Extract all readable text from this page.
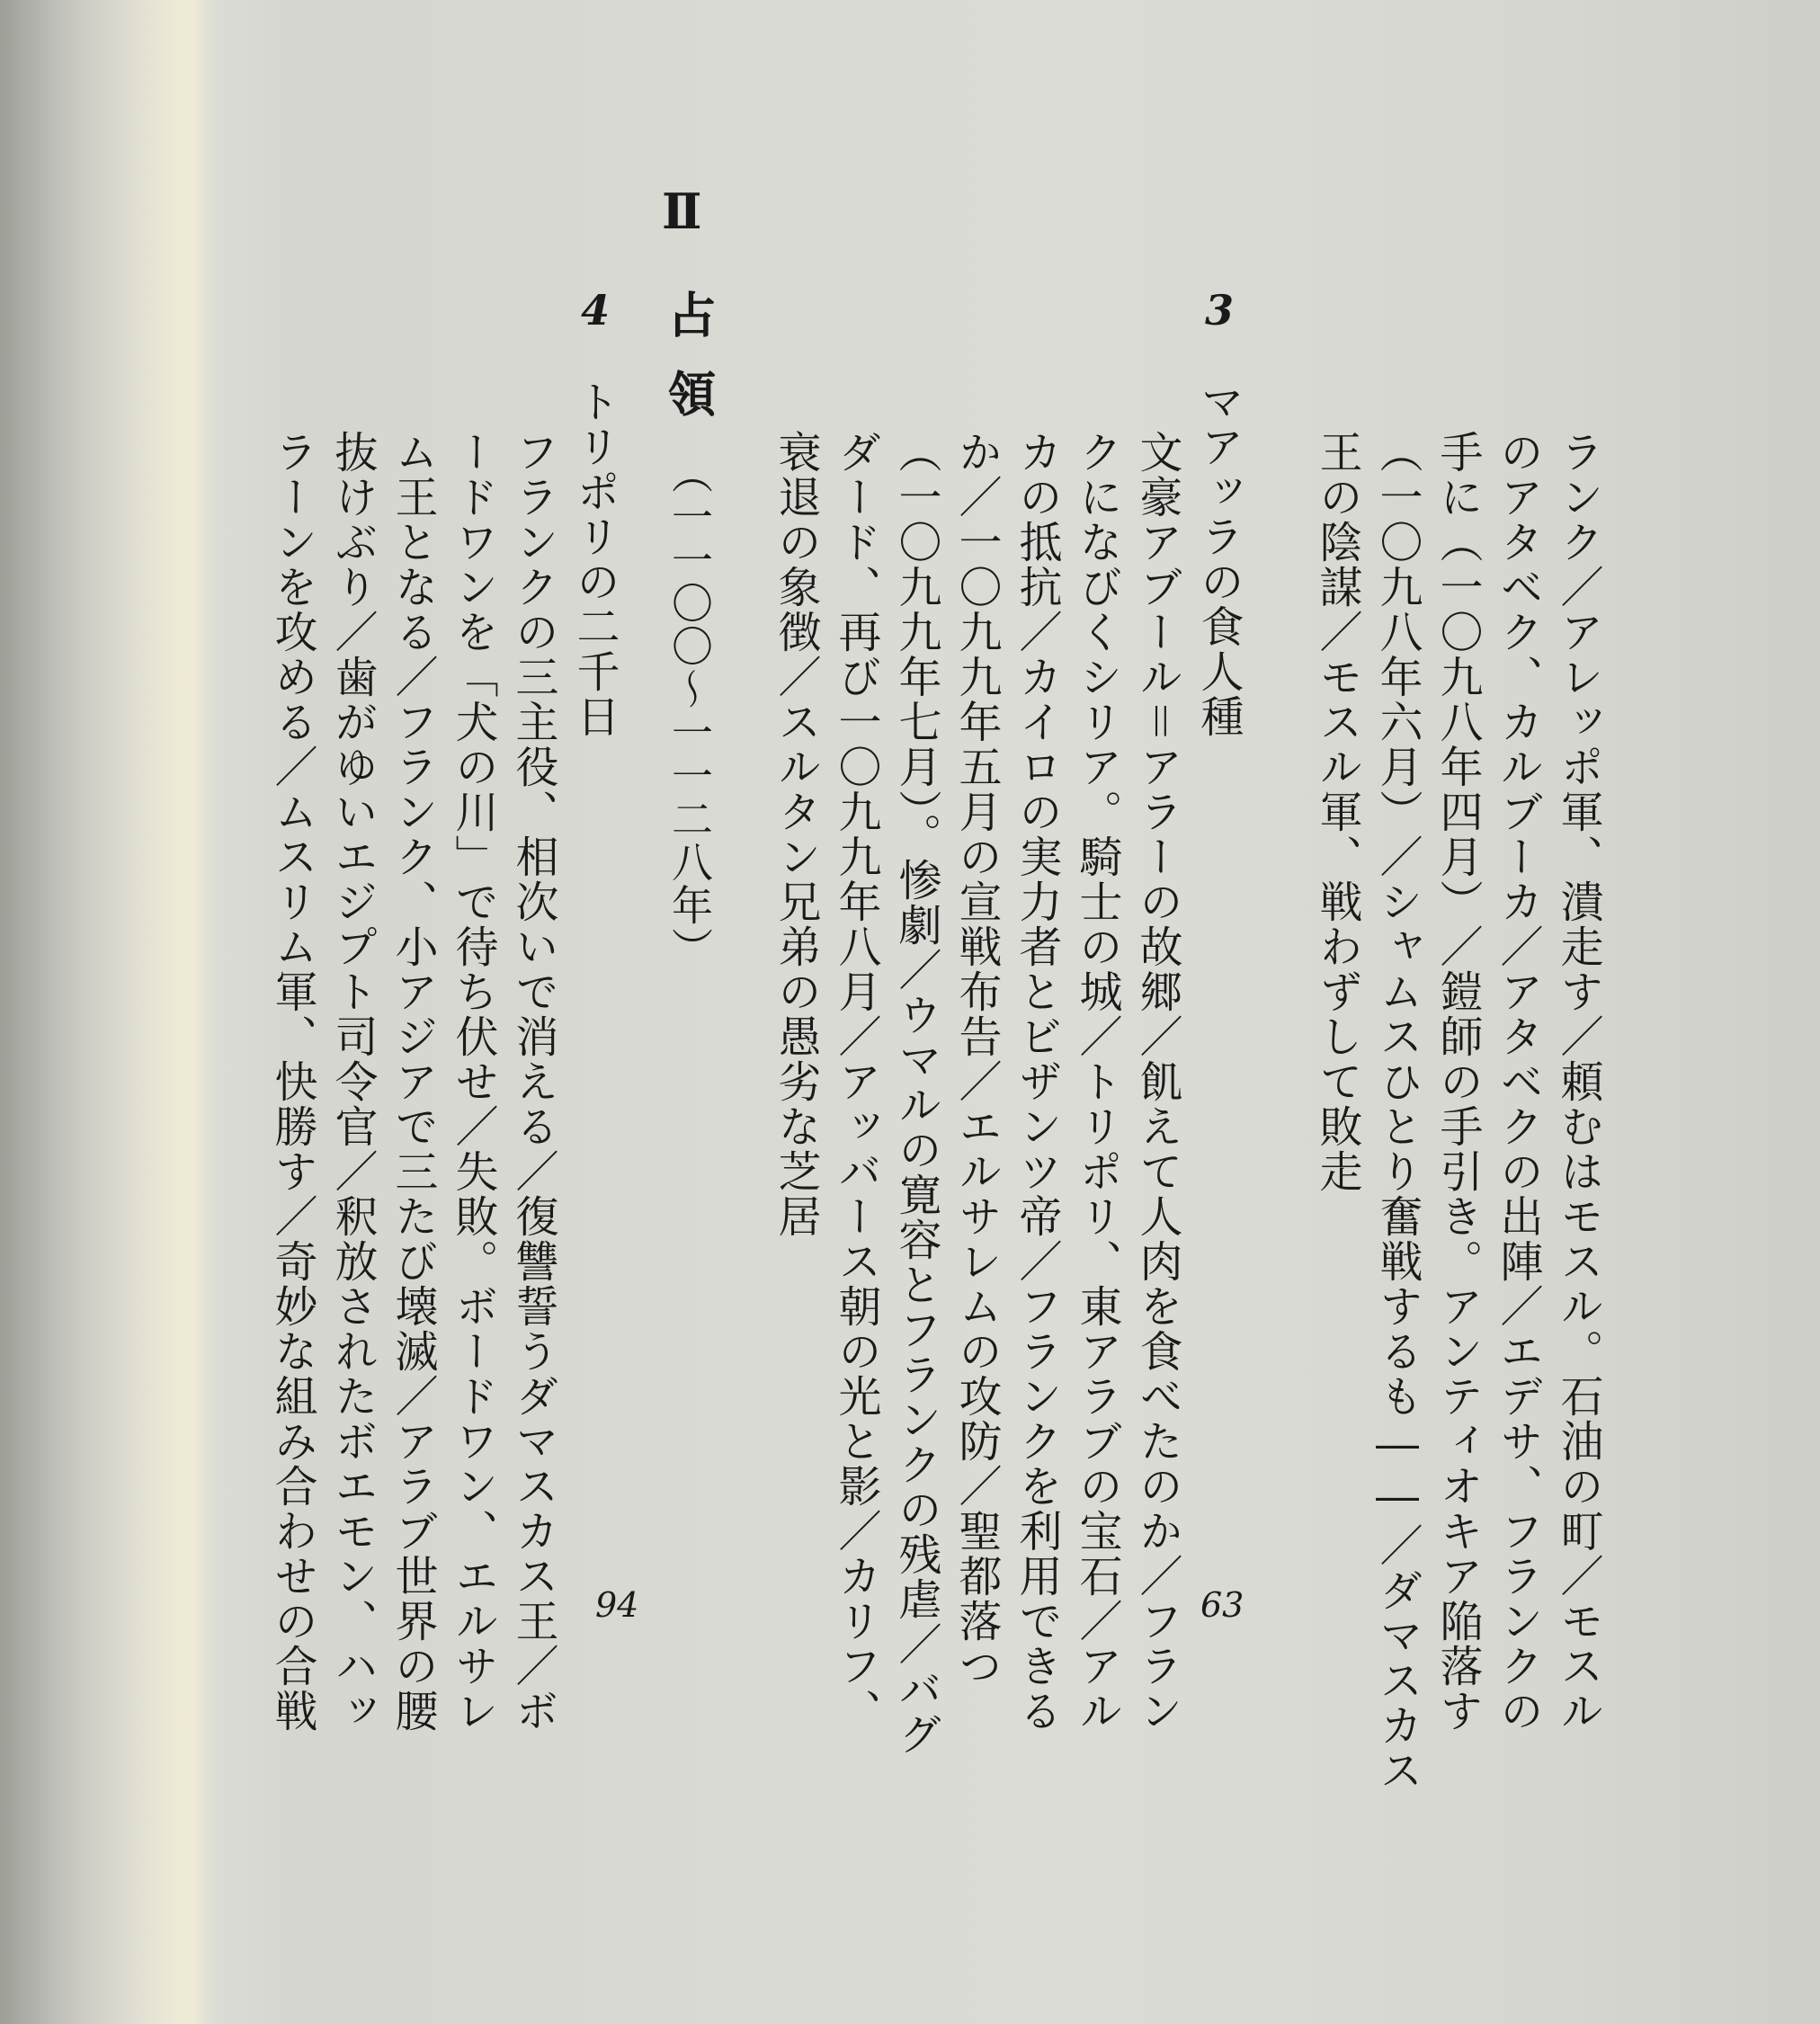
ランク／アレッポ軍、潰走す／頼むはモスル。石油の町／モスル
のアタベク、カルブーカ／アタベクの出陣／エデサ、フランクの
手に（一〇九八年四月）／鎧師の手引き。アンティオキア陥落す
（一〇九八年六月）／シャムスひとり奮戦するも――／ダマスカス
王の陰謀／モスル軍、戦わずして敗走
3
マアッラの食人種
63
文豪アブール＝アラーの故郷／飢えて人肉を食べたのか／フラン
クになびくシリア。騎士の城／トリポリ、東アラブの宝石／アル
カの抵抗／カイロの実力者とビザンツ帝／フランクを利用できる
か／一〇九九年五月の宣戦布告／エルサレムの攻防／聖都落つ
（一〇九九年七月）。惨劇／ウマルの寛容とフランクの残虐／バグ
ダード、再び一〇九九年八月／アッバース朝の光と影／カリフ、
衰退の象徴／スルタン兄弟の愚劣な芝居
II
占領
（一一〇〇～一一二八年）
4
トリポリの二千日
94
フランクの三主役、相次いで消える／復讐誓うダマスカス王／ボ
ードワンを「犬の川」で待ち伏せ／失敗。ボードワン、エルサレ
ム王となる／フランク、小アジアで三たび壊滅／アラブ世界の腰
抜けぶり／歯がゆいエジプト司令官／釈放されたボエモン、ハッ
ラーンを攻める／ムスリム軍、快勝す／奇妙な組み合わせの合戦
